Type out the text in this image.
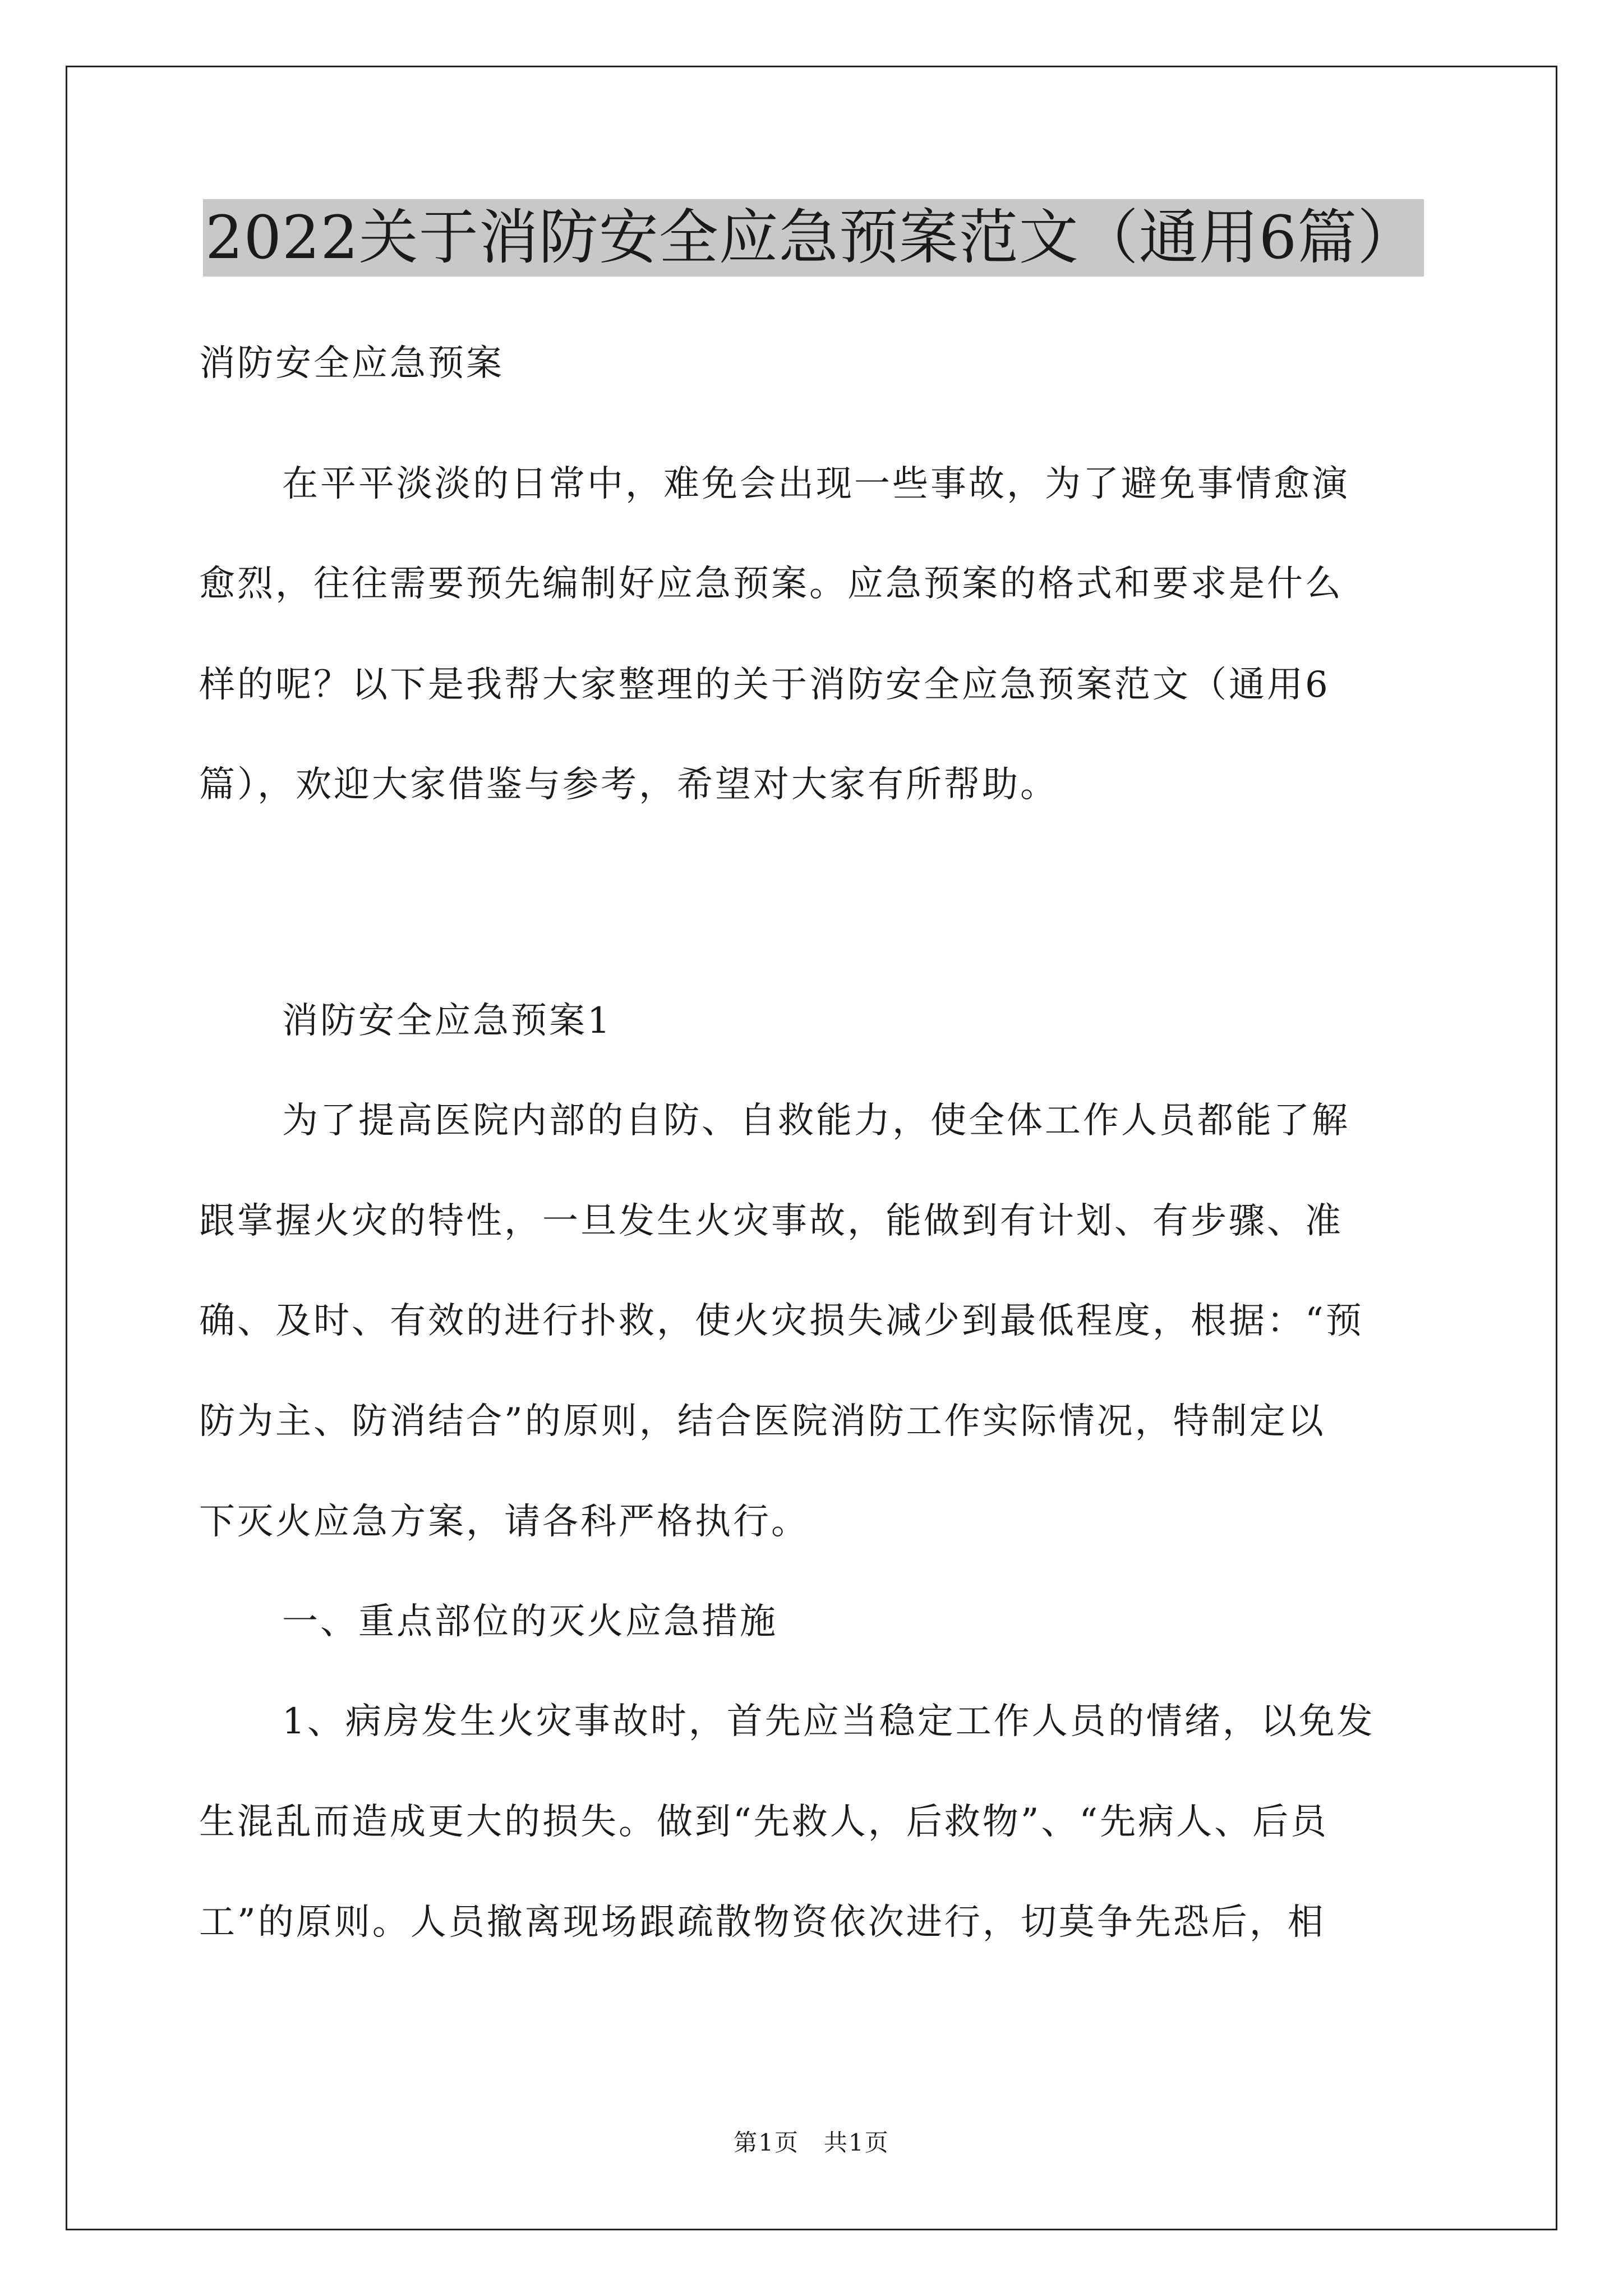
2022关于消防安全应急预案范文（通用6篇）
消防安全应急预案
在平平淡淡的日常中，难免会出现一些事故，为了避免事情愈演
愈烈，往往需要预先编制好应急预案。应急预案的格式和要求是什么
样的呢？以下是我帮大家整理的关于消防安全应急预案范文（通用6
篇），欢迎大家借鉴与参考，希望对大家有所帮助。
消防安全应急预案1
为了提高医院内部的自防、自救能力，使全体工作人员都能了解
跟掌握火灾的特性，一旦发生火灾事故，能做到有计划、有步骤、准
确、及时、有效的进行扑救，使火灾损失减少到最低程度，根据：“预
防为主、防消结合”的原则，结合医院消防工作实际情况，特制定以
下灭火应急方案，请各科严格执行。
一、重点部位的灭火应急措施
1、病房发生火灾事故时，首先应当稳定工作人员的情绪，以免发
生混乱而造成更大的损失。做到“先救人，后救物”、“先病人、后员
工”的原则。人员撤离现场跟疏散物资依次进行，切莫争先恐后，相
第1页　共1页
